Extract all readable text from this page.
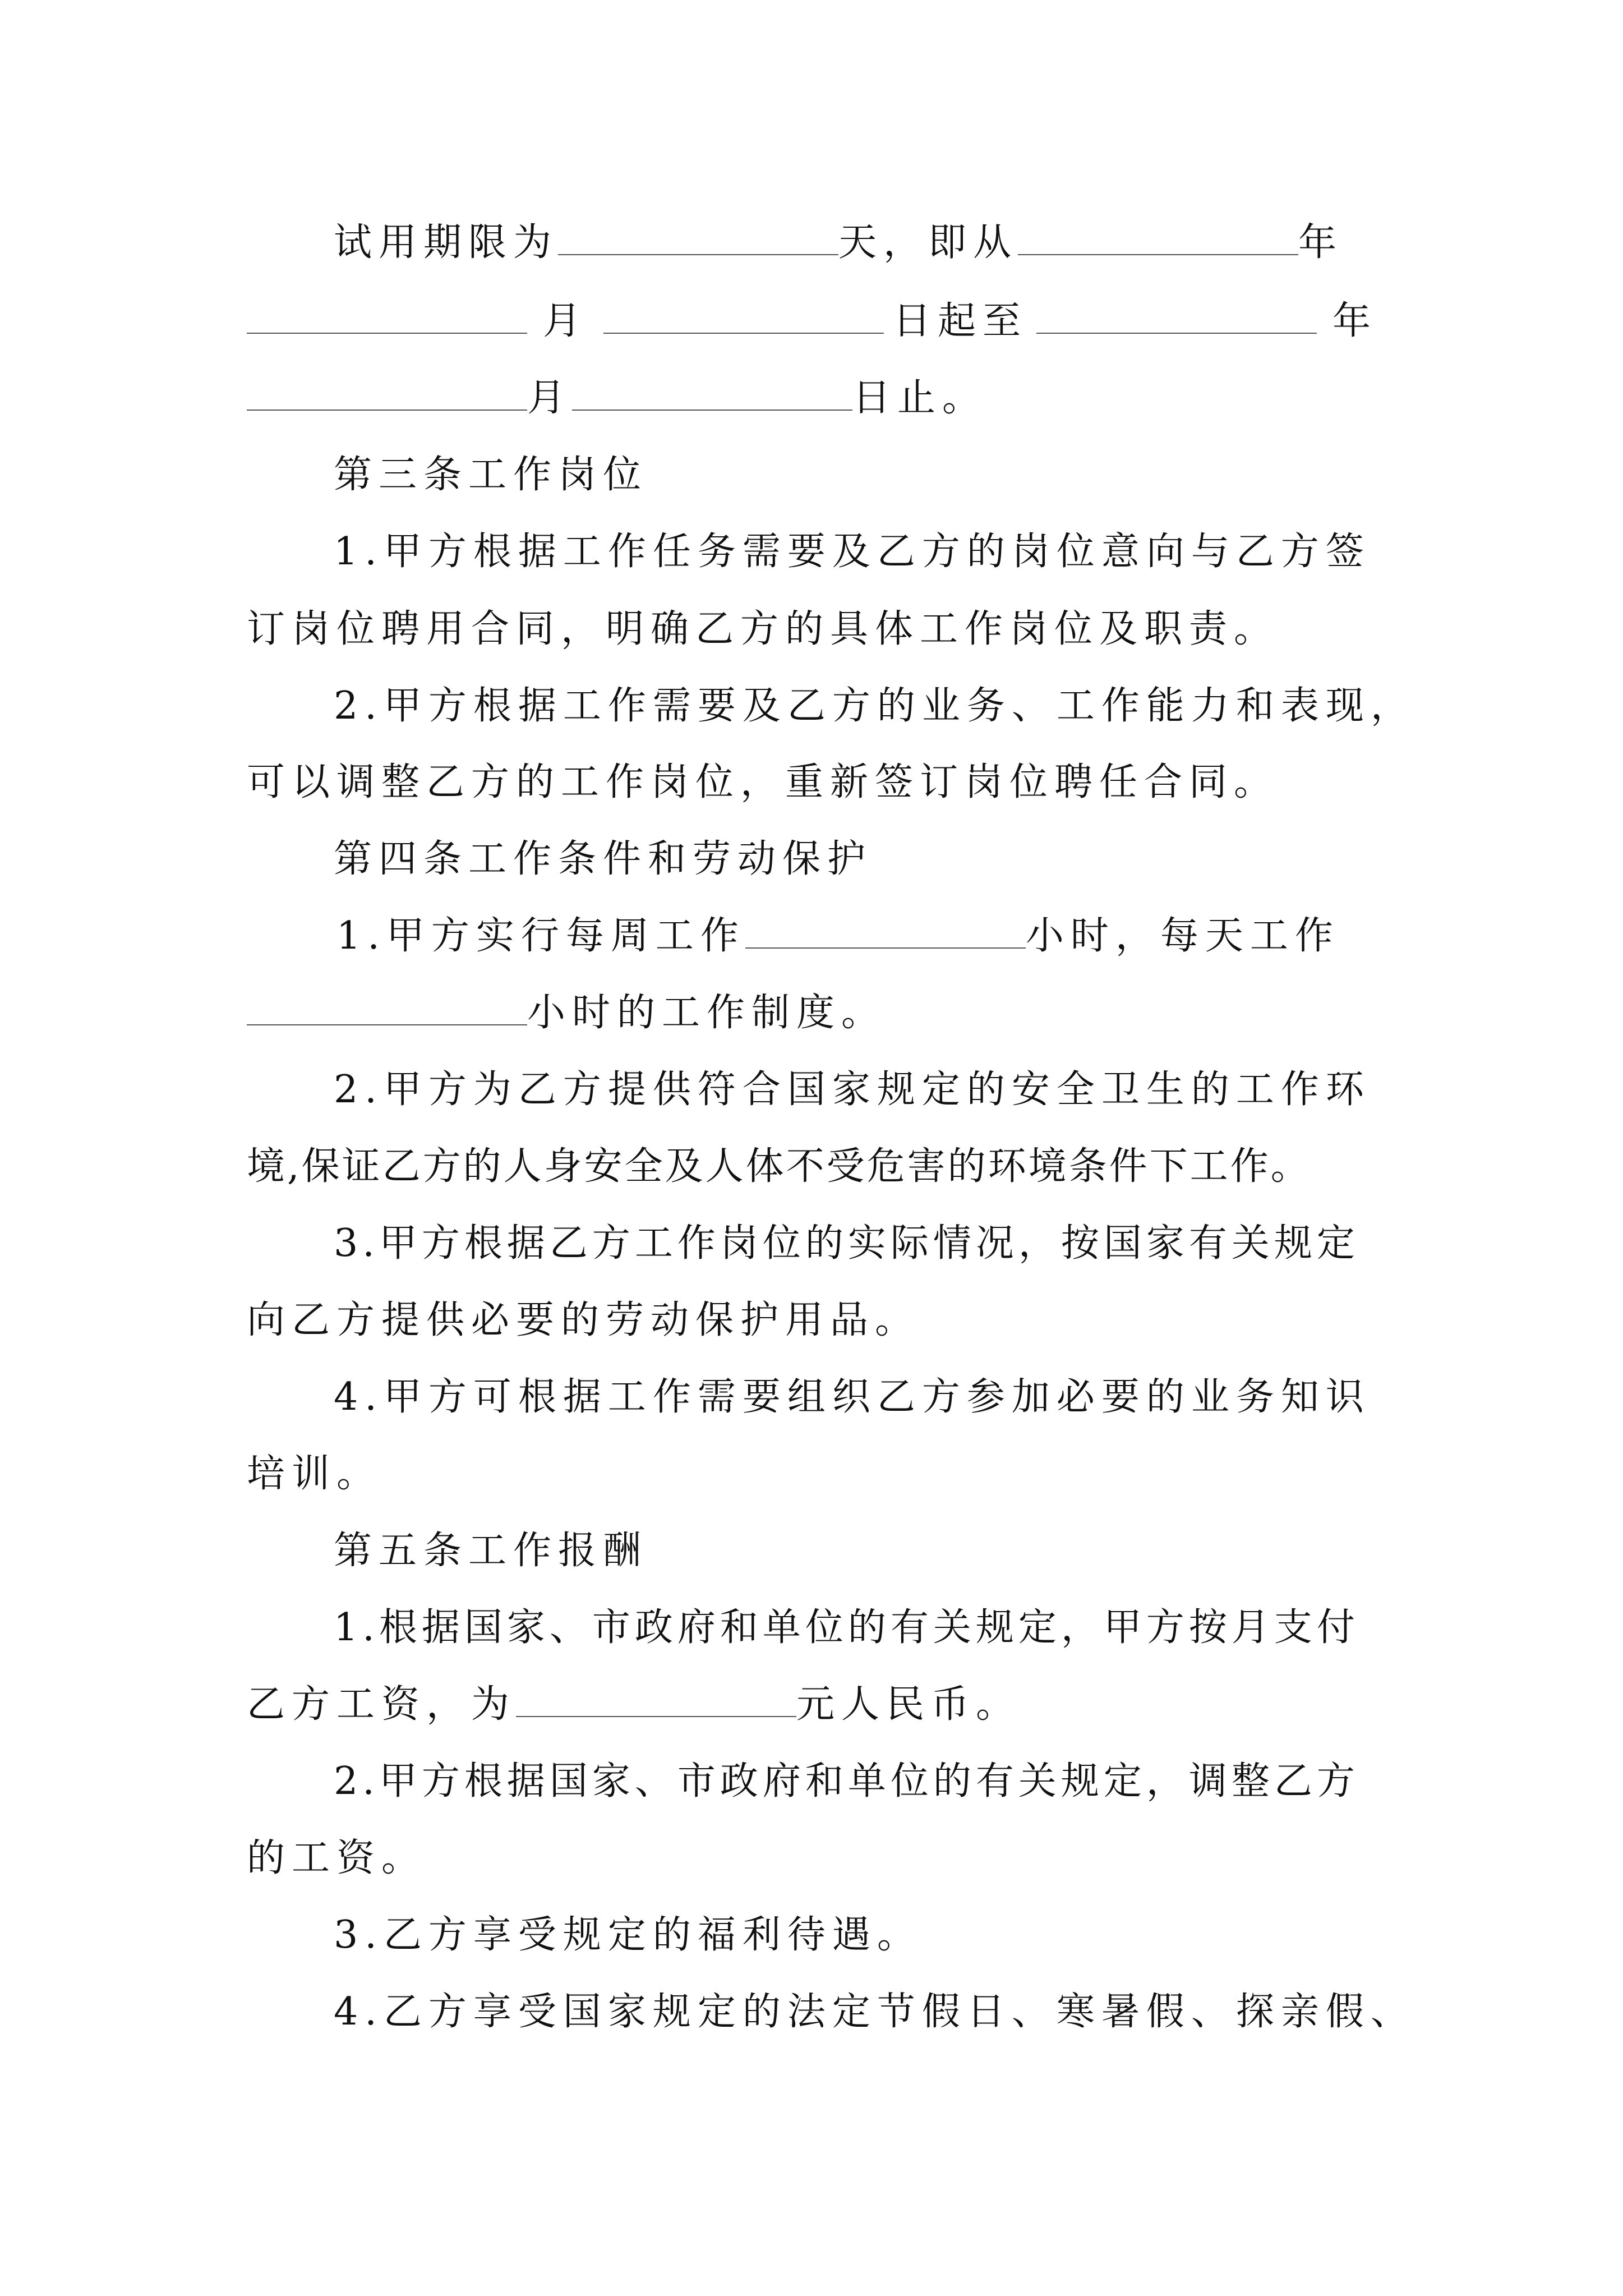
试用期限为	天，即从	年
月	日起至	年
月	日止。
第三条工作岗位
1.甲方根据工作任务需要及乙方的岗位意向与乙方签
订岗位聘用合同，明确乙方的具体工作岗位及职责。
2.甲方根据工作需要及乙方的业务、工作能力和表现，
可以调整乙方的工作岗位，重新签订岗位聘任合同。
第四条工作条件和劳动保护
1.甲方实行每周工作	小时，每天工作
小时的工作制度。
2.甲方为乙方提供符合国家规定的安全卫生的工作环
境,保证乙方的人身安全及人体不受危害的环境条件下工作。
3.甲方根据乙方工作岗位的实际情况，按国家有关规定
向乙方提供必要的劳动保护用品。
4.甲方可根据工作需要组织乙方参加必要的业务知识
培训。
第五条工作报酬
1.根据国家、市政府和单位的有关规定，甲方按月支付
乙方工资，为	元人民币。
2.甲方根据国家、市政府和单位的有关规定，调整乙方
的工资。
3.乙方享受规定的福利待遇。
4.乙方享受国家规定的法定节假日、寒暑假、探亲假、
